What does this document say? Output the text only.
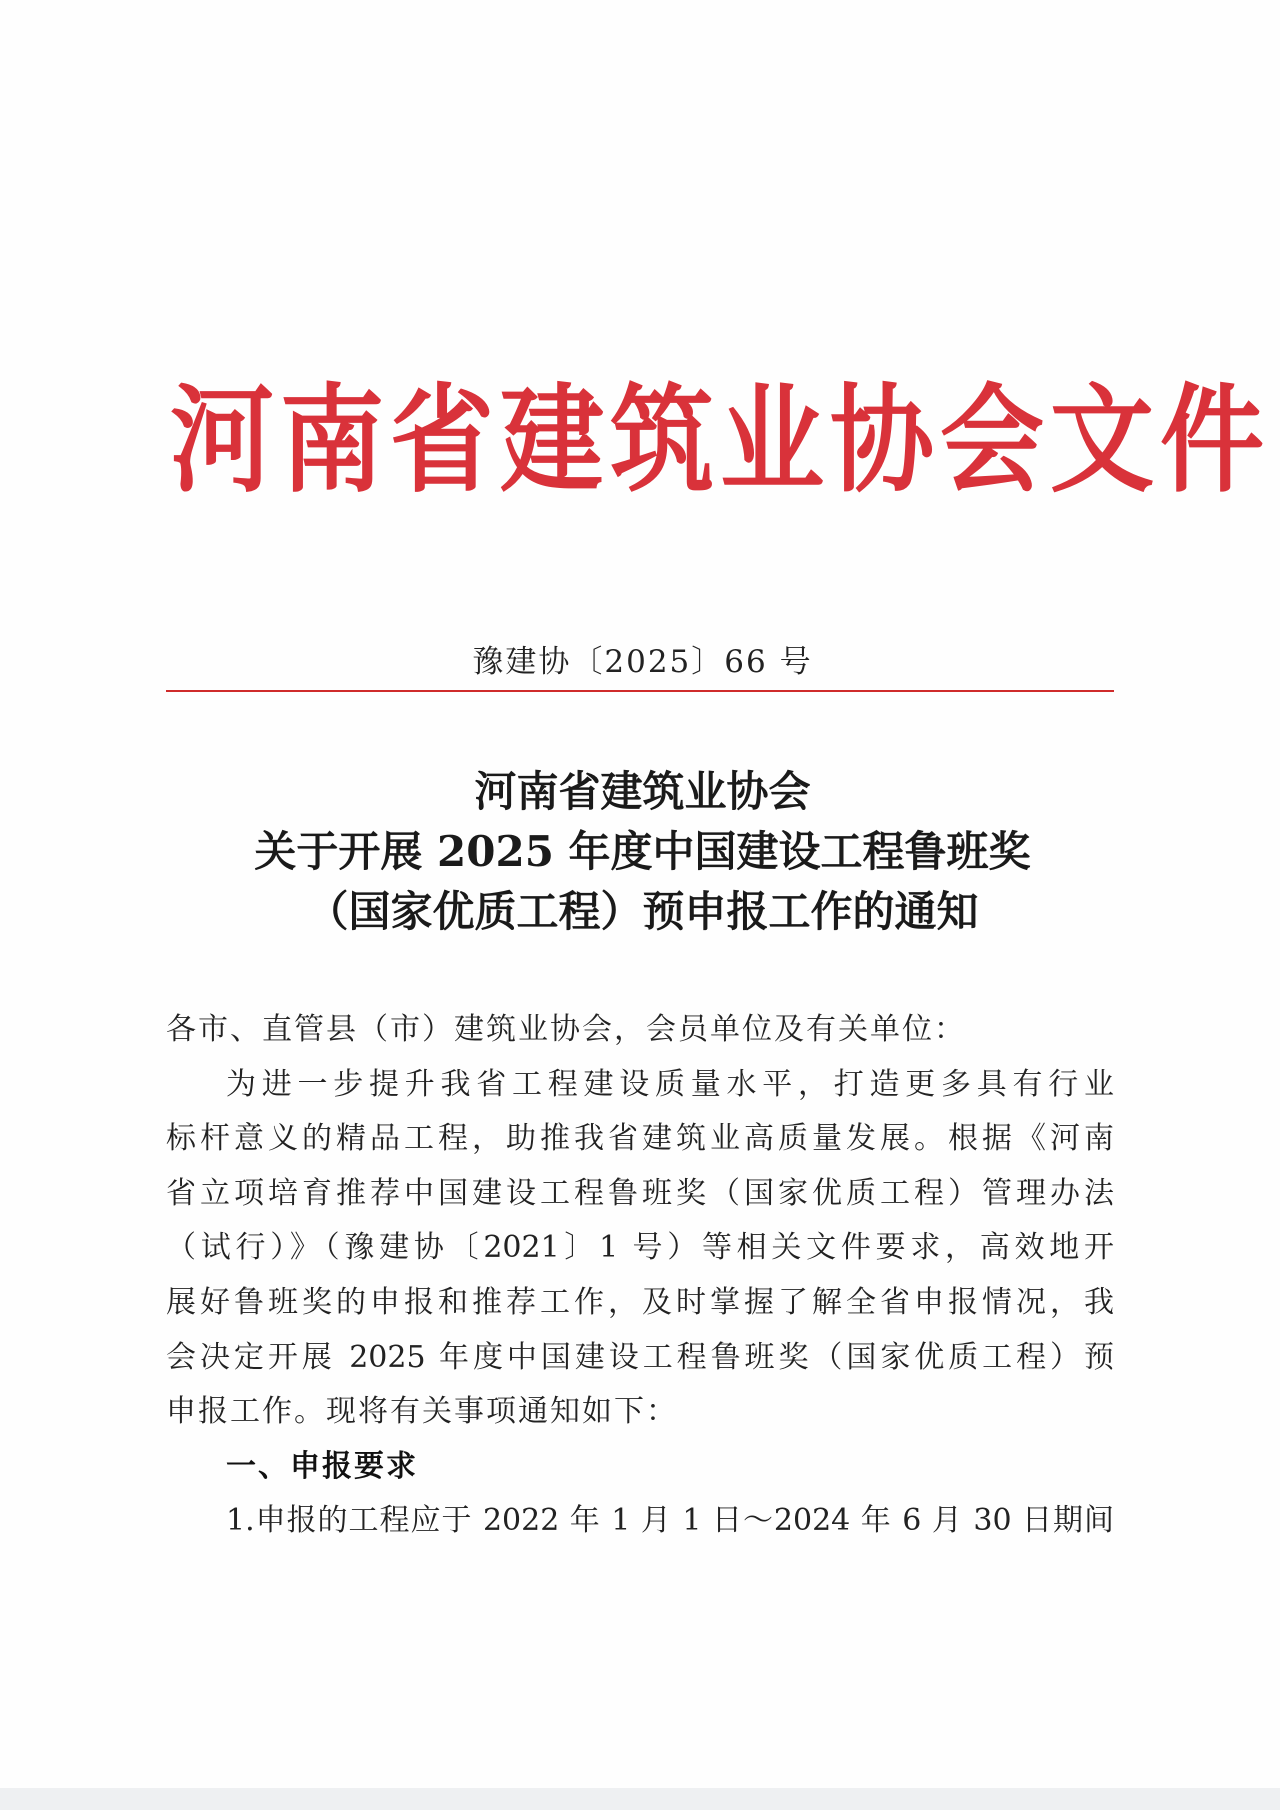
河南省建筑业协会文件
豫建协〔2025〕66 号
河南省建筑业协会
关于开展 2025 年度中国建设工程鲁班奖
（国家优质工程）预申报工作的通知
各市、直管县（市）建筑业协会，会员单位及有关单位：
为进一步提升我省工程建设质量水平，打造更多具有行业
标杆意义的精品工程，助推我省建筑业高质量发展。根据《河南
省立项培育推荐中国建设工程鲁班奖（国家优质工程）管理办法
（试行）》（豫建协〔2021〕1 号）等相关文件要求，高效地开
展好鲁班奖的申报和推荐工作，及时掌握了解全省申报情况，我
会决定开展 2025 年度中国建设工程鲁班奖（国家优质工程）预
申报工作。现将有关事项通知如下：
一、申报要求
1.申报的工程应于 2022 年 1 月 1 日～2024 年 6 月 30 日期间
